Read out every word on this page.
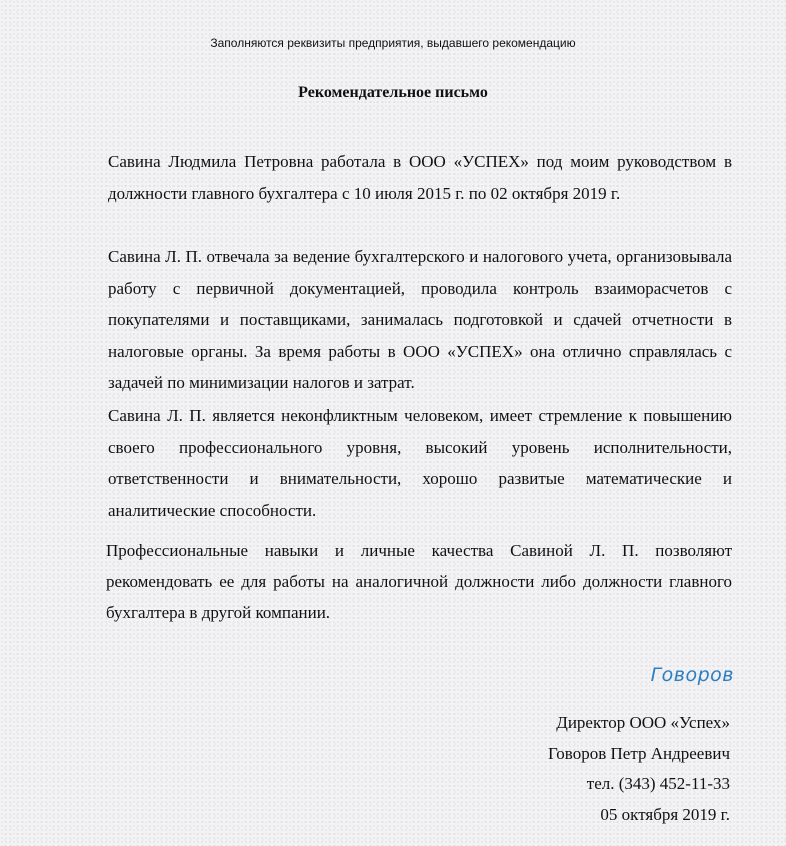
Заполняются реквизиты предприятия, выдавшего рекомендацию
Рекомендательное письмо

Савина Людмила Петровна работала в ООО «УСПЕХ» под моим руководством в должности главного бухгалтера с 10 июля 2015 г. по 02 октября 2019 г.

Савина Л. П. отвечала за ведение бухгалтерского и налогового учета, организовывала работу с первичной документацией, проводила контроль взаиморасчетов с покупателями и поставщиками, занималась подготовкой и сдачей отчетности в налоговые органы. За время работы в ООО «УСПЕХ» она отлично справлялась с задачей по минимизации налогов и затрат.

Савина Л. П. является неконфликтным человеком, имеет стремление к повышению своего профессионального уровня, высокий уровень исполнительности, ответственности и внимательности, хорошо развитые математические и аналитические способности.

Профессиональные навыки и личные качества Савиной Л. П. позволяют рекомендовать ее для работы на аналогичной должности либо должности главного бухгалтера в другой компании.

Говоров
Директор ООО «Успех»
Говоров Петр Андреевич
тел. (343) 452-11-33
05 октября 2019 г.
